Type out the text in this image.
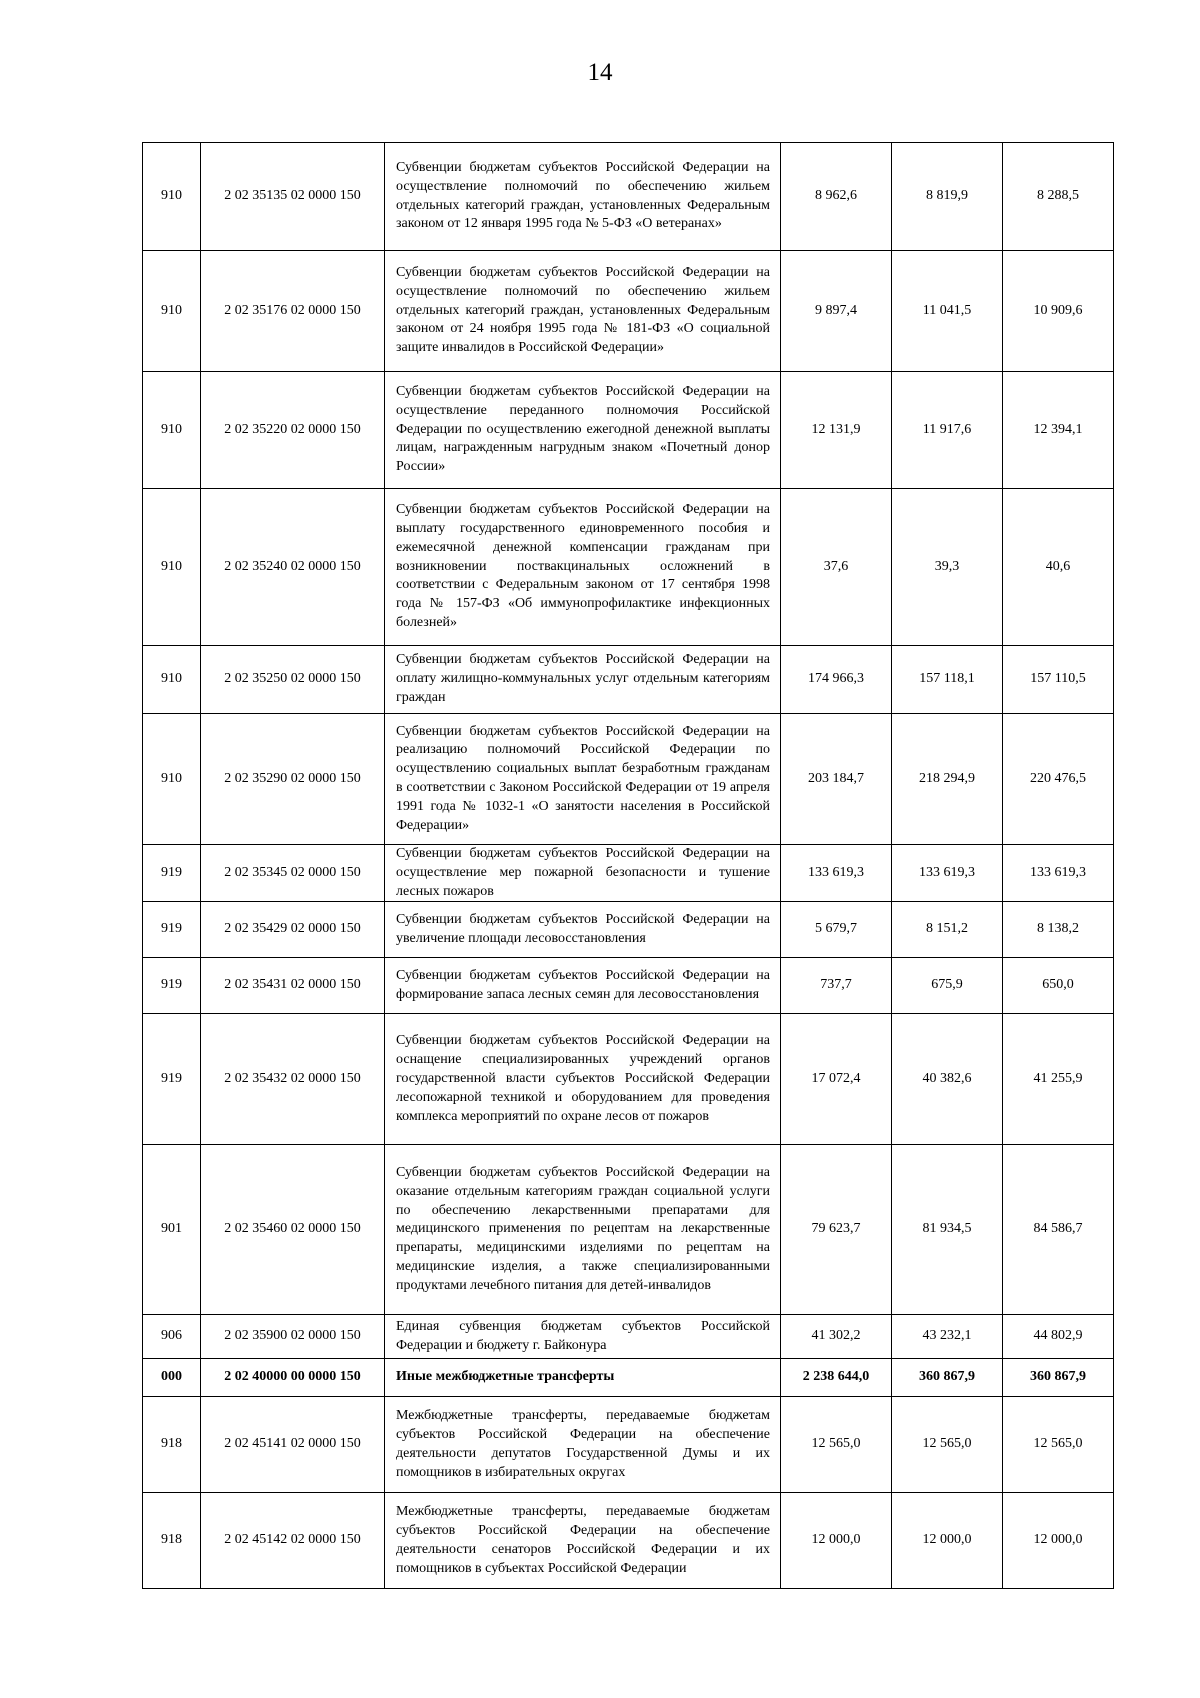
14
910	2 02 35135 02 0000 150	Субвенции бюджетам субъектов Российской Федерации на осуществление полномочий по обеспечению жильем отдельных категорий граждан, установленных Федеральным законом от 12 января 1995 года № 5-ФЗ «О ветеранах»	8 962,6	8 819,9	8 288,5
910	2 02 35176 02 0000 150	Субвенции бюджетам субъектов Российской Федерации на осуществление полномочий по обеспечению жильем отдельных категорий граждан, установленных Федеральным законом от 24 ноября 1995 года № 181-ФЗ «О социальной защите инвалидов в Российской Федерации»	9 897,4	11 041,5	10 909,6
910	2 02 35220 02 0000 150	Субвенции бюджетам субъектов Российской Федерации на осуществление переданного полномочия Российской Федерации по осуществлению ежегодной денежной выплаты лицам, награжденным нагрудным знаком «Почетный донор России»	12 131,9	11 917,6	12 394,1
910	2 02 35240 02 0000 150	Субвенции бюджетам субъектов Российской Федерации на выплату государственного единовременного пособия и ежемесячной денежной компенсации гражданам при возникновении поствакцинальных осложнений в соответствии с Федеральным законом от 17 сентября 1998 года № 157-ФЗ «Об иммунопрофилактике инфекционных болезней»	37,6	39,3	40,6
910	2 02 35250 02 0000 150	Субвенции бюджетам субъектов Российской Федерации на оплату жилищно-коммунальных услуг отдельным категориям граждан	174 966,3	157 118,1	157 110,5
910	2 02 35290 02 0000 150	Субвенции бюджетам субъектов Российской Федерации на реализацию полномочий Российской Федерации по осуществлению социальных выплат безработным гражданам в соответствии с Законом Российской Федерации от 19 апреля 1991 года № 1032-1 «О занятости населения в Российской Федерации»	203 184,7	218 294,9	220 476,5
919	2 02 35345 02 0000 150	Субвенции бюджетам субъектов Российской Федерации на осуществление мер пожарной безопасности и тушение лесных пожаров	133 619,3	133 619,3	133 619,3
919	2 02 35429 02 0000 150	Субвенции бюджетам субъектов Российской Федерации на увеличение площади лесовосстановления	5 679,7	8 151,2	8 138,2
919	2 02 35431 02 0000 150	Субвенции бюджетам субъектов Российской Федерации на формирование запаса лесных семян для лесовосстановления	737,7	675,9	650,0
919	2 02 35432 02 0000 150	Субвенции бюджетам субъектов Российской Федерации на оснащение специализированных учреждений органов государственной власти субъектов Российской Федерации лесопожарной техникой и оборудованием для проведения комплекса мероприятий по охране лесов от пожаров	17 072,4	40 382,6	41 255,9
901	2 02 35460 02 0000 150	Субвенции бюджетам субъектов Российской Федерации на оказание отдельным категориям граждан социальной услуги по обеспечению лекарственными препаратами для медицинского применения по рецептам на лекарственные препараты, медицинскими изделиями по рецептам на медицинские изделия, а также специализированными продуктами лечебного питания для детей-инвалидов	79 623,7	81 934,5	84 586,7
906	2 02 35900 02 0000 150	Единая субвенция бюджетам субъектов Российской Федерации и бюджету г. Байконура	41 302,2	43 232,1	44 802,9
000	2 02 40000 00 0000 150	Иные межбюджетные трансферты	2 238 644,0	360 867,9	360 867,9
918	2 02 45141 02 0000 150	Межбюджетные трансферты, передаваемые бюджетам субъектов Российской Федерации на обеспечение деятельности депутатов Государственной Думы и их помощников в избирательных округах	12 565,0	12 565,0	12 565,0
918	2 02 45142 02 0000 150	Межбюджетные трансферты, передаваемые бюджетам субъектов Российской Федерации на обеспечение деятельности сенаторов Российской Федерации и их помощников в субъектах Российской Федерации	12 000,0	12 000,0	12 000,0
